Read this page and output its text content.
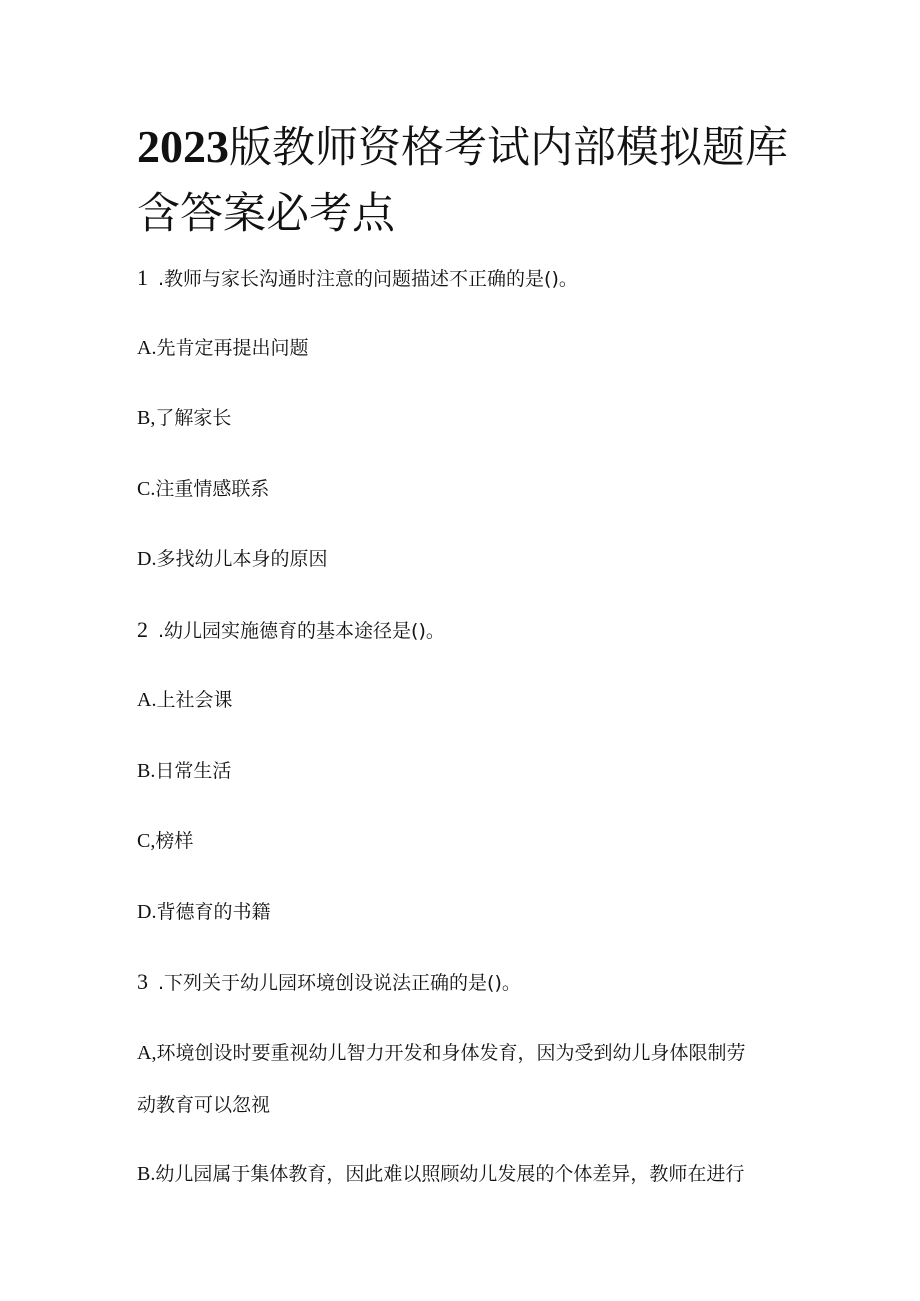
2023版教师资格考试内部模拟题库
含答案必考点
1 .教师与家长沟通时注意的问题描述不正确的是()。
A.先肯定再提出问题
B,了解家长
C.注重情感联系
D.多找幼儿本身的原因
2 .幼儿园实施德育的基本途径是()。
A.上社会课
B.日常生活
C,榜样
D.背德育的书籍
3 .下列关于幼儿园环境创设说法正确的是()。
A,环境创设时要重视幼儿智力开发和身体发育，因为受到幼儿身体限制劳
动教育可以忽视
B.幼儿园属于集体教育，因此难以照顾幼儿发展的个体差异，教师在进行
